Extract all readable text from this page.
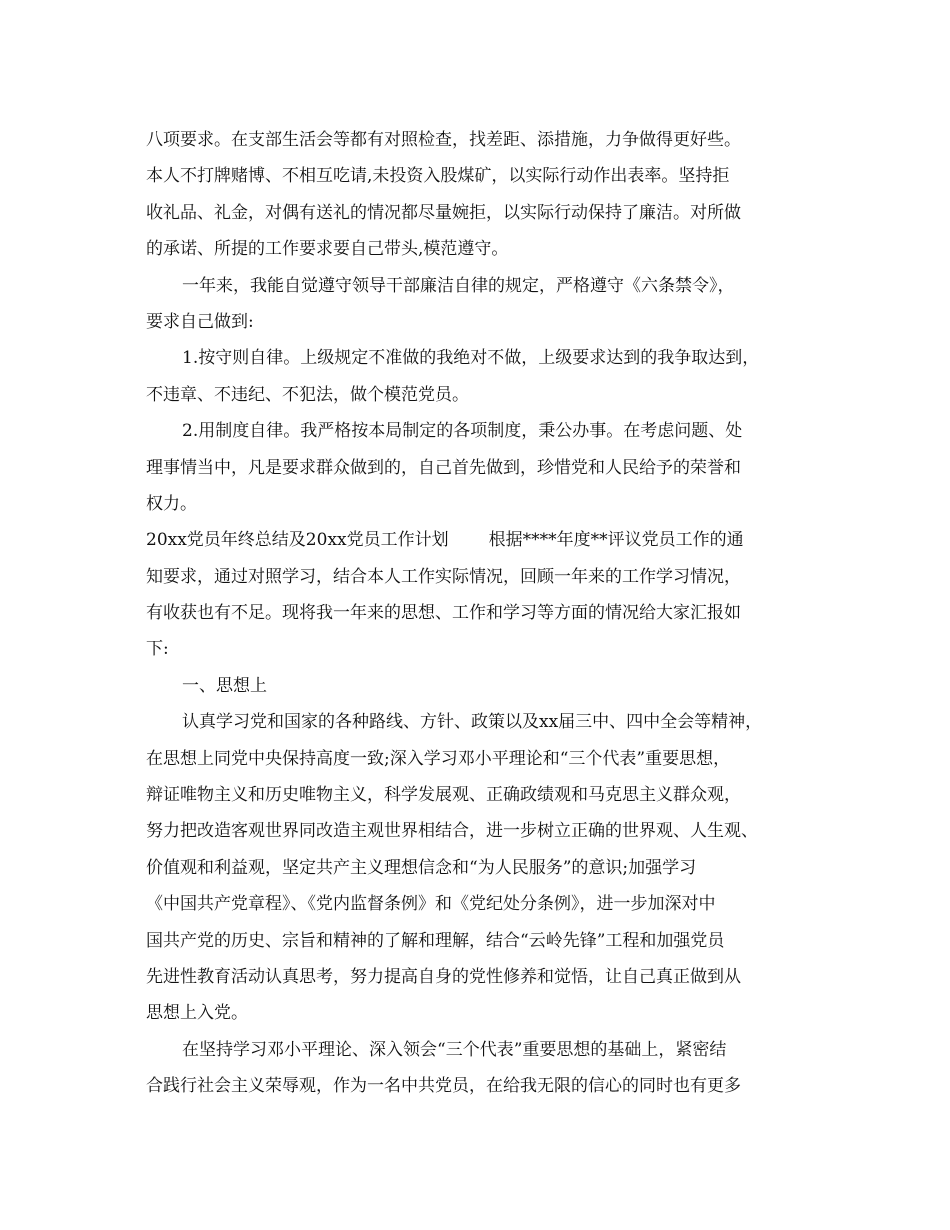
八项要求。在支部生活会等都有对照检查，找差距、添措施，力争做得更好些。
本人不打牌赌博、不相互吃请,未投资入股煤矿，以实际行动作出表率。坚持拒
收礼品、礼金，对偶有送礼的情况都尽量婉拒，以实际行动保持了廉洁。对所做
的承诺、所提的工作要求要自己带头,模范遵守。
一年来，我能自觉遵守领导干部廉洁自律的规定，严格遵守《六条禁令》，
要求自己做到:
1.按守则自律。上级规定不准做的我绝对不做，上级要求达到的我争取达到，
不违章、不违纪、不犯法，做个模范党员。
2.用制度自律。我严格按本局制定的各项制度，秉公办事。在考虑问题、处
理事情当中，凡是要求群众做到的，自己首先做到，珍惜党和人民给予的荣誉和
权力。
20xx党员年终总结及20xx党员工作计划 根据****年度**评议党员工作的通
知要求，通过对照学习，结合本人工作实际情况，回顾一年来的工作学习情况，
有收获也有不足。现将我一年来的思想、工作和学习等方面的情况给大家汇报如
下:
一、思想上
认真学习党和国家的各种路线、方针、政策以及xx届三中、四中全会等精神，
在思想上同党中央保持高度一致;深入学习邓小平理论和“三个代表”重要思想，
辩证唯物主义和历史唯物主义，科学发展观、正确政绩观和马克思主义群众观，
努力把改造客观世界同改造主观世界相结合，进一步树立正确的世界观、人生观、
价值观和利益观，坚定共产主义理想信念和“为人民服务”的意识;加强学习
《中国共产党章程》、《党内监督条例》和《党纪处分条例》，进一步加深对中
国共产党的历史、宗旨和精神的了解和理解，结合“云岭先锋”工程和加强党员
先进性教育活动认真思考，努力提高自身的党性修养和觉悟，让自己真正做到从
思想上入党。
在坚持学习邓小平理论、深入领会“三个代表”重要思想的基础上，紧密结
合践行社会主义荣辱观，作为一名中共党员，在给我无限的信心的同时也有更多
